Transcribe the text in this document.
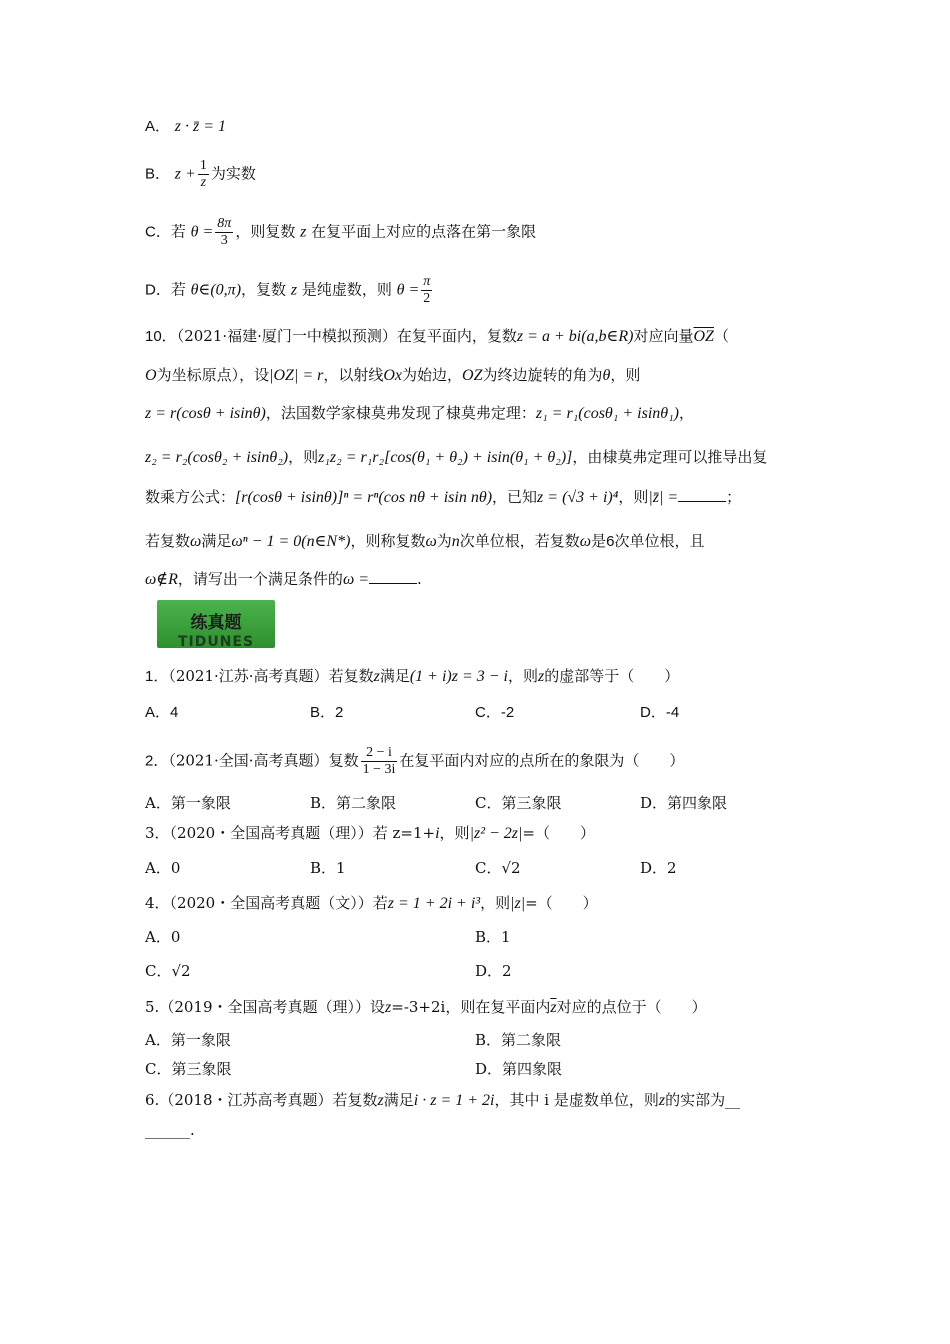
A． z · z̄ = 1
B． $z + \frac{1}{z}$ 为实数
C．若 $\theta = \frac{8\pi}{3}$ ，则复数 z 在复平面上对应的点落在第一象限
D．若 θ∈(0,π)，复数 z 是纯虚数，则 $\theta = \frac{\pi}{2}$
10．（2021·福建·厦门一中模拟预测）在复平面内，复数z = a + bi(a,b∈R)对应向量$\overline{OZ}$（
O为坐标原点），设|OZ| = r，以射线Ox为始边，OZ为终边旋转的角为θ，则
z = r(cosθ + isinθ)，法国数学家棣莫弗发现了棣莫弗定理：z₁ = r₁(cosθ₁ + isinθ₁)，
z₂ = r₂(cosθ₂ + isinθ₂)，则z₁z₂ = r₁r₂[cos(θ₁ + θ₂) + isin(θ₁ + θ₂)]，由棣莫弗定理可以推导出复
数乘方公式：[r(cosθ + isinθ)]ⁿ = rⁿ(cos nθ + isin nθ)，已知z = (√3 + i)⁴，则|z̄| =	；
若复数ω满足ωⁿ − 1 = 0(n∈N*)，则称复数ω为n次单位根，若复数ω是6次单位根，且
ω∉R，请写出一个满足条件的ω =	.
练真题
TIDUNES
1．（2021·江苏·高考真题）若复数z满足(1 + i)z = 3 − i，则z的虚部等于（　　）
A．4	B．2	C．-2	D．-4
2．（2021·全国·高考真题）复数 $\frac{2 - i}{1 - 3i}$ 在复平面内对应的点所在的象限为（　　）
A．第一象限	B．第二象限	C．第三象限	D．第四象限
3．（2020・全国高考真题（理））若 z=1+i，则|z² − 2z|=（　　）
A．0	B．1	C．√2	D．2
4．（2020・全国高考真题（文））若z = 1 + 2i + i³，则|z|=（　　）
A．0	B．1
C．√2	D．2
5.（2019・全国高考真题（理））设z=-3+2i，则在复平面内$\overline{z}$对应的点位于（　　）
A．第一象限	B．第二象限
C．第三象限	D．第四象限
6.（2018・江苏高考真题）若复数z满足i · z = 1 + 2i，其中 i 是虚数单位，则z的实部为__
______.
